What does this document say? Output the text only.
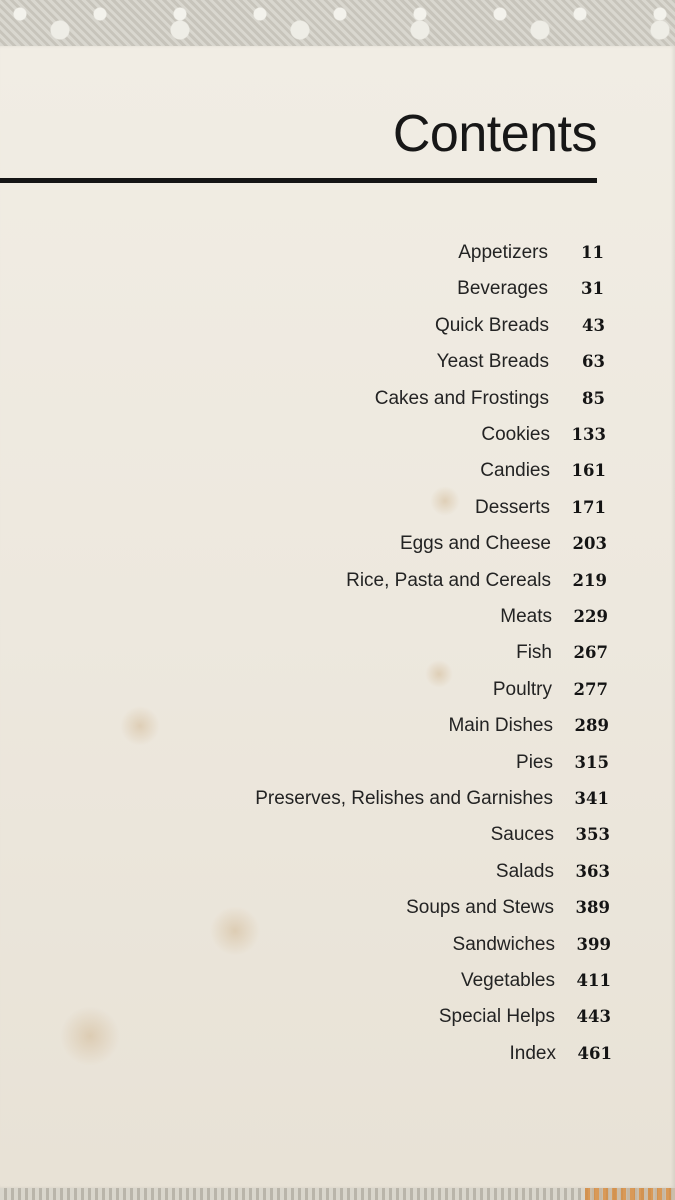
Contents
Appetizers 11
Beverages 31
Quick Breads 43
Yeast Breads 63
Cakes and Frostings 85
Cookies 133
Candies 161
Desserts 171
Eggs and Cheese 203
Rice, Pasta and Cereals 219
Meats 229
Fish 267
Poultry 277
Main Dishes 289
Pies 315
Preserves, Relishes and Garnishes 341
Sauces 353
Salads 363
Soups and Stews 389
Sandwiches 399
Vegetables 411
Special Helps 443
Index 461
